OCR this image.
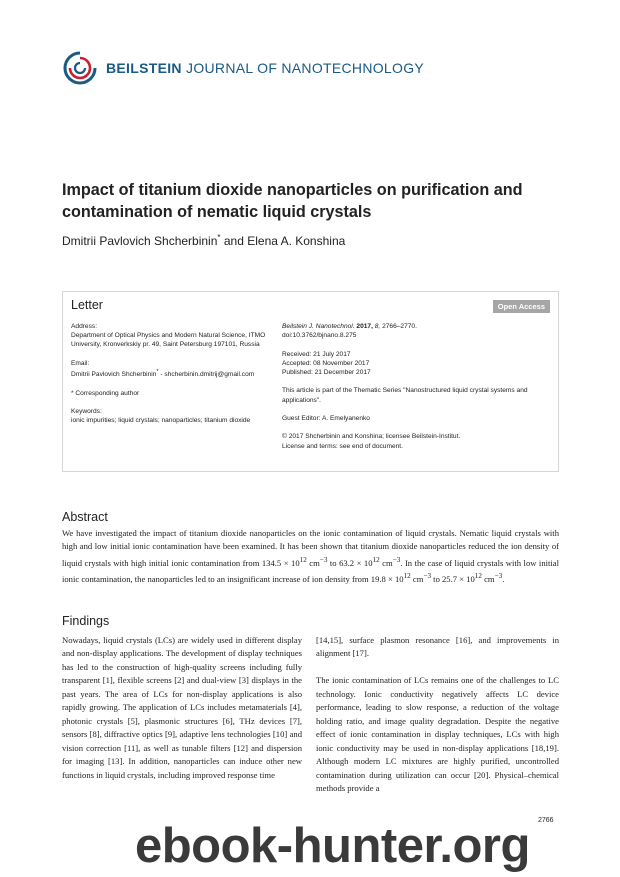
BEILSTEIN JOURNAL OF NANOTECHNOLOGY
Impact of titanium dioxide nanoparticles on purification and contamination of nematic liquid crystals
Dmitrii Pavlovich Shcherbinin* and Elena A. Konshina
Letter	Open Access

Address:
Department of Optical Physics and Modern Natural Science, ITMO University, Kronverkskiy pr. 49, Saint Petersburg 197101, Russia

Email:
Dmitrii Pavlovich Shcherbinin* - shcherbinin.dmitrij@gmail.com

* Corresponding author

Keywords:
ionic impurities; liquid crystals; nanoparticles; titanium dioxide

Beilstein J. Nanotechnol. 2017, 8, 2766–2770.
doi:10.3762/bjnano.8.275

Received: 21 July 2017
Accepted: 08 November 2017
Published: 21 December 2017

This article is part of the Thematic Series "Nanostructured liquid crystal systems and applications".

Guest Editor: A. Emelyanenko

© 2017 Shcherbinin and Konshina; licensee Beilstein-Institut.
License and terms: see end of document.

Abstract
We have investigated the impact of titanium dioxide nanoparticles on the ionic contamination of liquid crystals. Nematic liquid crystals with high and low initial ionic contamination have been examined. It has been shown that titanium dioxide nanoparticles reduced the ion density of liquid crystals with high initial ionic contamination from $134.5 \times 10^{12}$ $cm^{-3}$ to $63.2 \times 10^{12}$ $cm^{-3}$. In the case of liquid crystals with low initial ionic contamination, the nanoparticles led to an insignificant increase of ion density from $19.8 \times 10^{12}$ $cm^{-3}$ to $25.7 \times 10^{12}$ $cm^{-3}$.
Findings
Nowadays, liquid crystals (LCs) are widely used in different display and non-display applications. The development of display techniques has led to the construction of high-quality screens including fully transparent [1], flexible screens [2] and dual-view [3] displays in the past years. The area of LCs for non-display applications is also rapidly growing. The application of LCs includes metamaterials [4], photonic crystals [5], plasmonic structures [6], THz devices [7], sensors [8], diffractive optics [9], adaptive lens technologies [10] and vision correction [11], as well as tunable filters [12] and dispersion for imaging [13]. In addition, nanoparticles can induce other new functions in liquid crystals, including improved response time

[14,15], surface plasmon resonance [16], and improvements in alignment [17].

The ionic contamination of LCs remains one of the challenges to LC technology. Ionic conductivity negatively affects LC device performance, leading to slow response, a reduction of the voltage holding ratio, and image quality degradation. Despite the negative effect of ionic contamination in display techniques, LCs with high ionic conductivity may be used in non-display applications [18,19]. Although modern LC mixtures are highly purified, uncontrolled contamination during utilization can occur [20]. Physical–chemical methods provide a

ebook-hunter.org 2766
